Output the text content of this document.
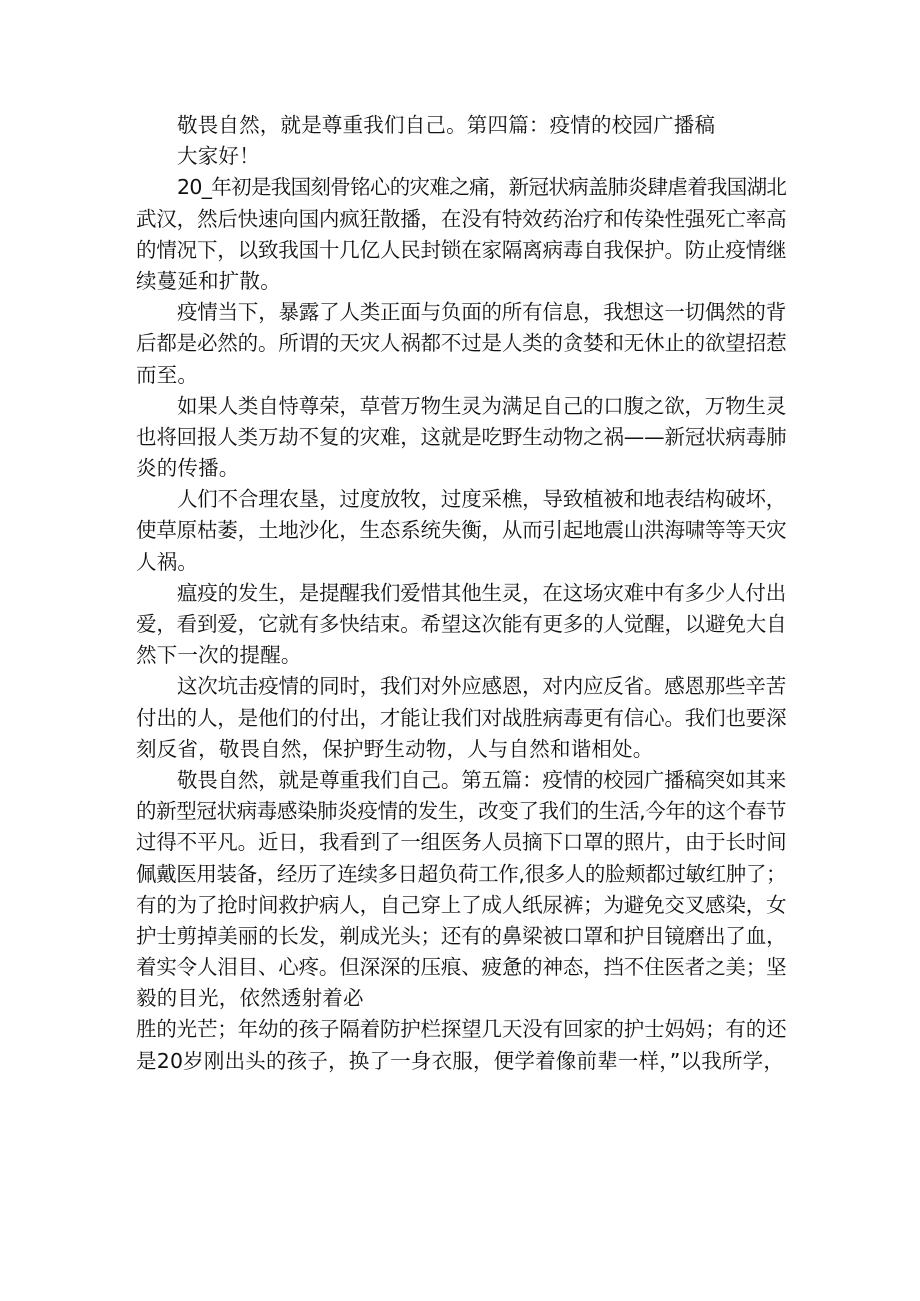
敬畏自然，就是尊重我们自己。第四篇：疫情的校园广播稿
大家好！
20_年初是我国刻骨铭心的灾难之痛，新冠状病盖肺炎肆虐着我国湖北
武汉，然后快速向国内疯狂散播，在没有特效药治疗和传染性强死亡率高
的情况下，以致我国十几亿人民封锁在家隔离病毒自我保护。防止疫情继
续蔓延和扩散。
疫情当下，暴露了人类正面与负面的所有信息，我想这一切偶然的背
后都是必然的。所谓的天灾人祸都不过是人类的贪婪和无休止的欲望招惹
而至。
如果人类自恃尊荣，草菅万物生灵为满足自己的口腹之欲，万物生灵
也将回报人类万劫不复的灾难，这就是吃野生动物之祸——新冠状病毒肺
炎的传播。
人们不合理农垦，过度放牧，过度采樵，导致植被和地表结构破坏，
使草原枯萎，土地沙化，生态系统失衡，从而引起地震山洪海啸等等天灾
人祸。
瘟疫的发生，是提醒我们爱惜其他生灵，在这场灾难中有多少人付出
爱，看到爱，它就有多快结束。希望这次能有更多的人觉醒，以避免大自
然下一次的提醒。
这次坑击疫情的同时，我们对外应感恩，对内应反省。感恩那些辛苦
付出的人，是他们的付出，才能让我们对战胜病毒更有信心。我们也要深
刻反省，敬畏自然，保护野生动物，人与自然和谐相处。
敬畏自然，就是尊重我们自己。第五篇：疫情的校园广播稿突如其来
的新型冠状病毒感染肺炎疫情的发生，改变了我们的生活,今年的这个春节
过得不平凡。近日，我看到了一组医务人员摘下口罩的照片，由于长时间
佩戴医用装备，经历了连续多日超负荷工作,很多人的脸颊都过敏红肿了；
有的为了抢时间救护病人，自己穿上了成人纸尿裤；为避免交叉感染，女
护士剪掉美丽的长发，剃成光头；还有的鼻梁被口罩和护目镜磨出了血，
着实令人泪目、心疼。但深深的压痕、疲惫的神态，挡不住医者之美；坚
毅的目光，依然透射着必
胜的光芒；年幼的孩子隔着防护栏探望几天没有回家的护士妈妈；有的还
是20岁刚出头的孩子，换了一身衣服，便学着像前辈一样，”以我所学，
